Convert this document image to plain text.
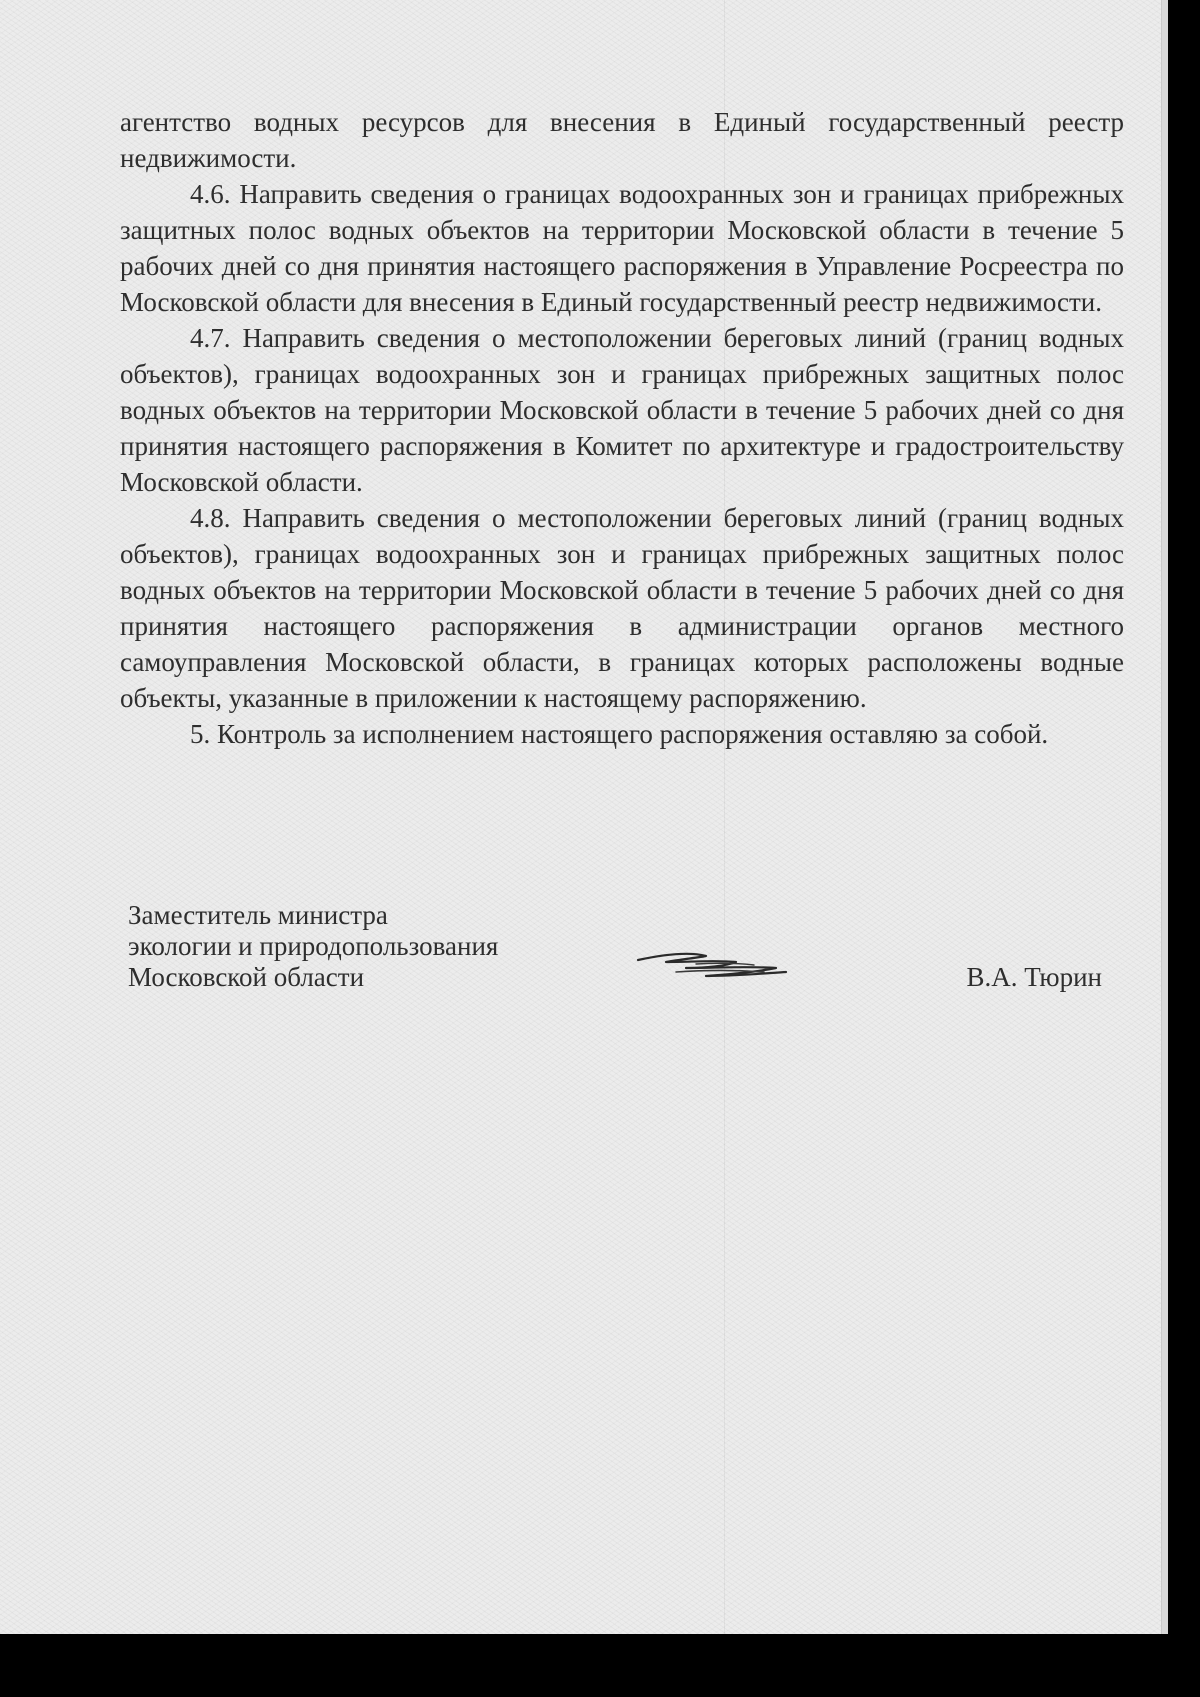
агентство водных ресурсов для внесения в Единый государственный реестр недвижимости.

4.6. Направить сведения о границах водоохранных зон и границах прибрежных защитных полос водных объектов на территории Московской области в течение 5 рабочих дней со дня принятия настоящего распоряжения в Управление Росреестра по Московской области для внесения в Единый государственный реестр недвижимости.

4.7. Направить сведения о местоположении береговых линий (границ водных объектов), границах водоохранных зон и границах прибрежных защитных полос водных объектов на территории Московской области в течение 5 рабочих дней со дня принятия настоящего распоряжения в Комитет по архитектуре и градостроительству Московской области.

4.8. Направить сведения о местоположении береговых линий (границ водных объектов), границах водоохранных зон и границах прибрежных защитных полос водных объектов на территории Московской области в течение 5 рабочих дней со дня принятия настоящего распоряжения в администрации органов местного самоуправления Московской области, в границах которых расположены водные объекты, указанные в приложении к настоящему распоряжению.

5. Контроль за исполнением настоящего распоряжения оставляю за собой.

Заместитель министра
экологии и природопользования
Московской области	В.А. Тюрин
